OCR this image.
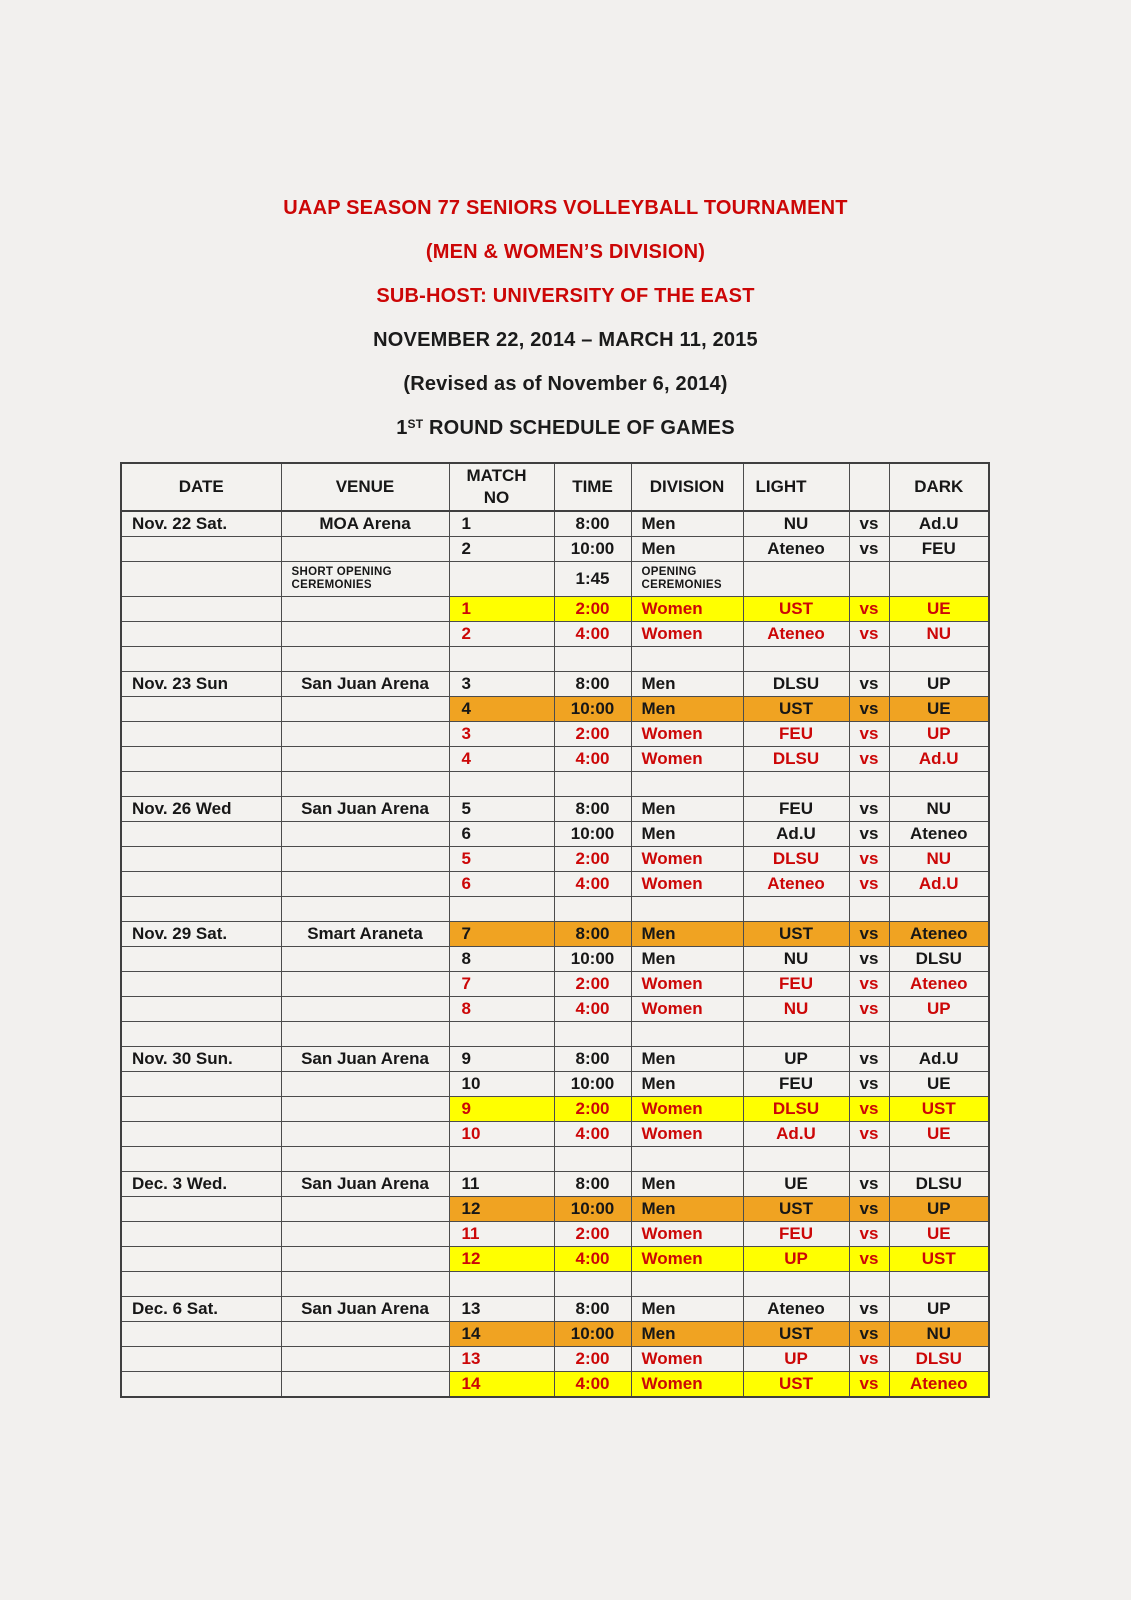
UAAP SEASON 77 SENIORS VOLLEYBALL TOURNAMENT

(MEN & WOMEN’S DIVISION)

SUB-HOST: UNIVERSITY OF THE EAST

NOVEMBER 22, 2014 – MARCH 11, 2015

(Revised as of November 6, 2014)

1ST ROUND SCHEDULE OF GAMES

DATE	VENUE	MATCH NO	TIME	DIVISION	LIGHT		DARK
Nov. 22 Sat.	MOA Arena	1	8:00	Men	NU	vs	Ad.U
		2	10:00	Men	Ateneo	vs	FEU
	SHORT OPENING CEREMONIES		1:45	OPENING CEREMONIES			
		1	2:00	Women	UST	vs	UE
		2	4:00	Women	Ateneo	vs	NU

Nov. 23 Sun	San Juan Arena	3	8:00	Men	DLSU	vs	UP
		4	10:00	Men	UST	vs	UE
		3	2:00	Women	FEU	vs	UP
		4	4:00	Women	DLSU	vs	Ad.U

Nov. 26 Wed	San Juan Arena	5	8:00	Men	FEU	vs	NU
		6	10:00	Men	Ad.U	vs	Ateneo
		5	2:00	Women	DLSU	vs	NU
		6	4:00	Women	Ateneo	vs	Ad.U

Nov. 29 Sat.	Smart Araneta	7	8:00	Men	UST	vs	Ateneo
		8	10:00	Men	NU	vs	DLSU
		7	2:00	Women	FEU	vs	Ateneo
		8	4:00	Women	NU	vs	UP

Nov. 30 Sun.	San Juan Arena	9	8:00	Men	UP	vs	Ad.U
		10	10:00	Men	FEU	vs	UE
		9	2:00	Women	DLSU	vs	UST
		10	4:00	Women	Ad.U	vs	UE

Dec. 3 Wed.	San Juan Arena	11	8:00	Men	UE	vs	DLSU
		12	10:00	Men	UST	vs	UP
		11	2:00	Women	FEU	vs	UE
		12	4:00	Women	UP	vs	UST

Dec. 6 Sat.	San Juan Arena	13	8:00	Men	Ateneo	vs	UP
		14	10:00	Men	UST	vs	NU
		13	2:00	Women	UP	vs	DLSU
		14	4:00	Women	UST	vs	Ateneo
